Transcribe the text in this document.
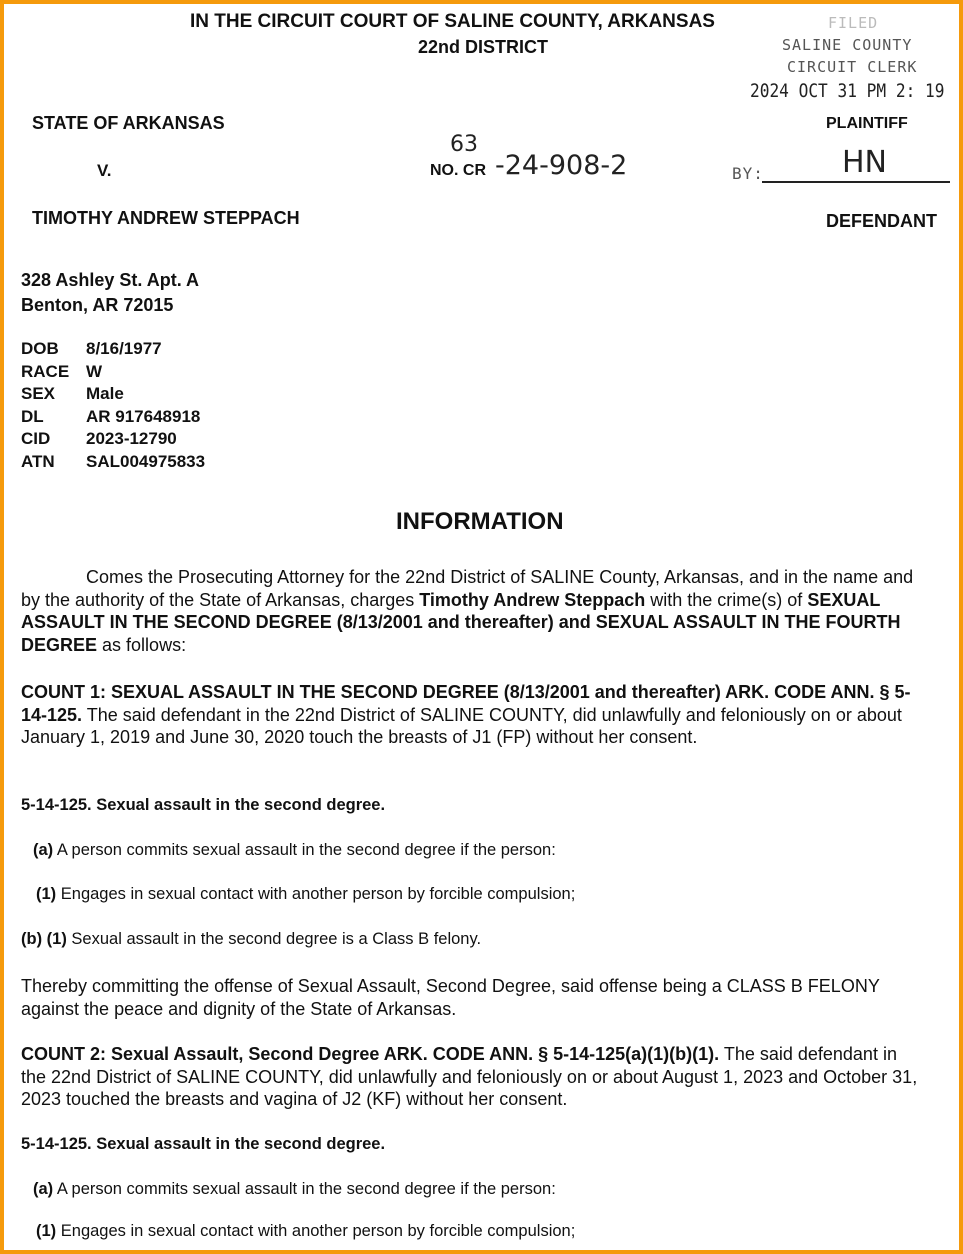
IN THE CIRCUIT COURT OF SALINE COUNTY, ARKANSAS
22nd DISTRICT
FILED
SALINE COUNTY
CIRCUIT CLERK
2024 OCT 31 PM 2: 19
STATE OF ARKANSAS	PLAINTIFF
V.	NO. CR
63
-24-908-2	BY:	HN
TIMOTHY ANDREW STEPPACH	DEFENDANT
328 Ashley St. Apt. A
Benton, AR 72015
DOB 8/16/1977
RACE W
SEX Male
DL AR 917648918
CID 2023-12790
ATN SAL004975833
INFORMATION
Comes the Prosecuting Attorney for the 22nd District of SALINE County, Arkansas, and in the name and by the authority of the State of Arkansas, charges Timothy Andrew Steppach with the crime(s) of SEXUAL ASSAULT IN THE SECOND DEGREE (8/13/2001 and thereafter) and SEXUAL ASSAULT IN THE FOURTH DEGREE as follows:
COUNT 1: SEXUAL ASSAULT IN THE SECOND DEGREE (8/13/2001 and thereafter) ARK. CODE ANN. § 5-14-125. The said defendant in the 22nd District of SALINE COUNTY, did unlawfully and feloniously on or about January 1, 2019 and June 30, 2020 touch the breasts of J1 (FP) without her consent.
5-14-125. Sexual assault in the second degree.
(a) A person commits sexual assault in the second degree if the person:
(1) Engages in sexual contact with another person by forcible compulsion;
(b) (1) Sexual assault in the second degree is a Class B felony.
Thereby committing the offense of Sexual Assault, Second Degree, said offense being a CLASS B FELONY against the peace and dignity of the State of Arkansas.
COUNT 2: Sexual Assault, Second Degree ARK. CODE ANN. § 5-14-125(a)(1)(b)(1). The said defendant in the 22nd District of SALINE COUNTY, did unlawfully and feloniously on or about August 1, 2023 and October 31, 2023 touched the breasts and vagina of J2 (KF) without her consent.
5-14-125. Sexual assault in the second degree.
(a) A person commits sexual assault in the second degree if the person:
(1) Engages in sexual contact with another person by forcible compulsion;
